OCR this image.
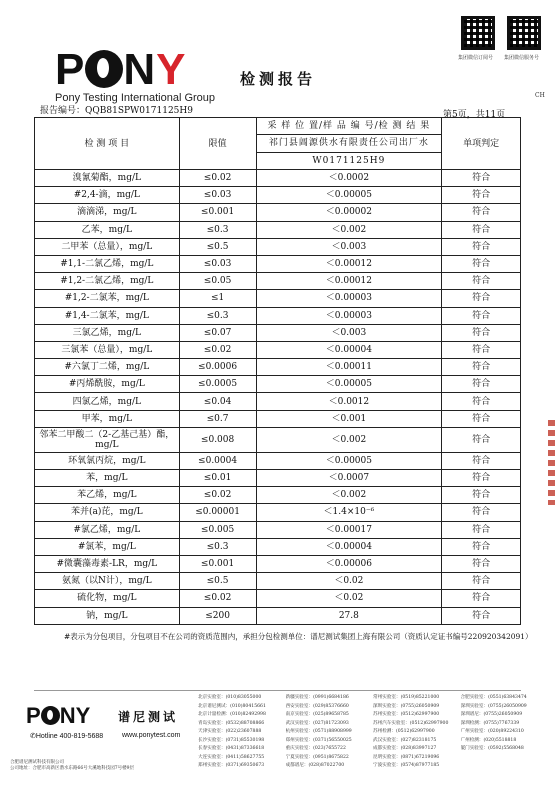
P NY
Pony Testing International Group
检测报告
报告编号：QQB81SPW0171125H9
集团微信订阅号 集团微信服务号
CH
第5页，共11页
检 测 项 目	限值	采 样 位 置/样 品 编 号/检 测 结 果	单项判定
		祁门县阊源供水有限责任公司出厂水	
		W0171125H9	
溴氰菊酯，mg/L	≤0.02	＜0.0002	符合
#2,4-滴，mg/L	≤0.03	＜0.00005	符合
滴滴涕，mg/L	≤0.001	＜0.00002	符合
乙苯，mg/L	≤0.3	＜0.002	符合
二甲苯（总量），mg/L	≤0.5	＜0.003	符合
#1,1-二氯乙烯，mg/L	≤0.03	＜0.00012	符合
#1,2-二氯乙烯，mg/L	≤0.05	＜0.00012	符合
#1,2-二氯苯，mg/L	≤1	＜0.00003	符合
#1,4-二氯苯，mg/L	≤0.3	＜0.00003	符合
三氯乙烯，mg/L	≤0.07	＜0.003	符合
三氯苯（总量），mg/L	≤0.02	＜0.00004	符合
#六氯丁二烯，mg/L	≤0.0006	＜0.00011	符合
#丙烯酰胺，mg/L	≤0.0005	＜0.00005	符合
四氯乙烯，mg/L	≤0.04	＜0.0012	符合
甲苯，mg/L	≤0.7	＜0.001	符合
邻苯二甲酸二（2-乙基己基）酯，mg/L	≤0.008	＜0.002	符合
环氧氯丙烷，mg/L	≤0.0004	＜0.00005	符合
苯，mg/L	≤0.01	＜0.0007	符合
苯乙烯，mg/L	≤0.02	＜0.002	符合
苯并(a)芘，mg/L	≤0.00001	＜1.4×10⁻⁶	符合
#氯乙烯，mg/L	≤0.005	＜0.00017	符合
#氯苯，mg/L	≤0.3	＜0.00004	符合
#微囊藻毒素-LR，mg/L	≤0.001	＜0.00006	符合
氨氮（以N计），mg/L	≤0.5	＜0.02	符合
硫化物，mg/L	≤0.02	＜0.02	符合
钠，mg/L	≤200	27.8	符合
#表示为分包项目，分包项目不在公司的资质范围内，承担分包检测单位：谱尼测试集团上海有限公司（资质认定证书编号220920342091）
P NY 谱尼测试
✆Hotline 400-819-5688	www.ponytest.com
合肥谱尼测试科技有限公司
公司地址：合肥市高新区潜水东路66号大溪地科技园7号楼9层
北京实验室：(010)83055000	新疆实验室：(0991)6684186	常州实验室：(0519)85221000	合肥实验室：(0551)63843474
北京谱尼测试：(010)80415661	西安实验室：(029)85376660	深圳实验室：(0755)26050909	深圳实验室：(0755)26050909
北京计量检测：(010)82492998	南京实验室：(025)89658785	苏州实验室：(0512)62997900	深圳谱尼：(0755)26050909
青岛实验室：(0532)88708866	武汉实验室：(027)81723093	苏州汽车实验室：(0512)62997900	深圳检测：(0755)7767339
天津实验室：(022)23607888	杭州实验室：(0571)88908999	苏州检测：(0512)62997900	广州实验室：(020)89224310
长沙实验室：(0731)85530198	郑州实验室：(0371)56550025	武汉实验室：(027)82318175	广州检测：(020)5518818
长春实验室：(0431)87336618	重庆实验室：(023)7655722	成都实验室：(028)83997127	厦门实验室：(0592)5568048
大连实验室：(0411)58627755	宁夏实验室：(0951)8675822	昆明实验室：(0871)67219096
郑州实验室：(0371)69350673	成都谱尼：(028)87022700	宁波实验室：(0574)87977185
